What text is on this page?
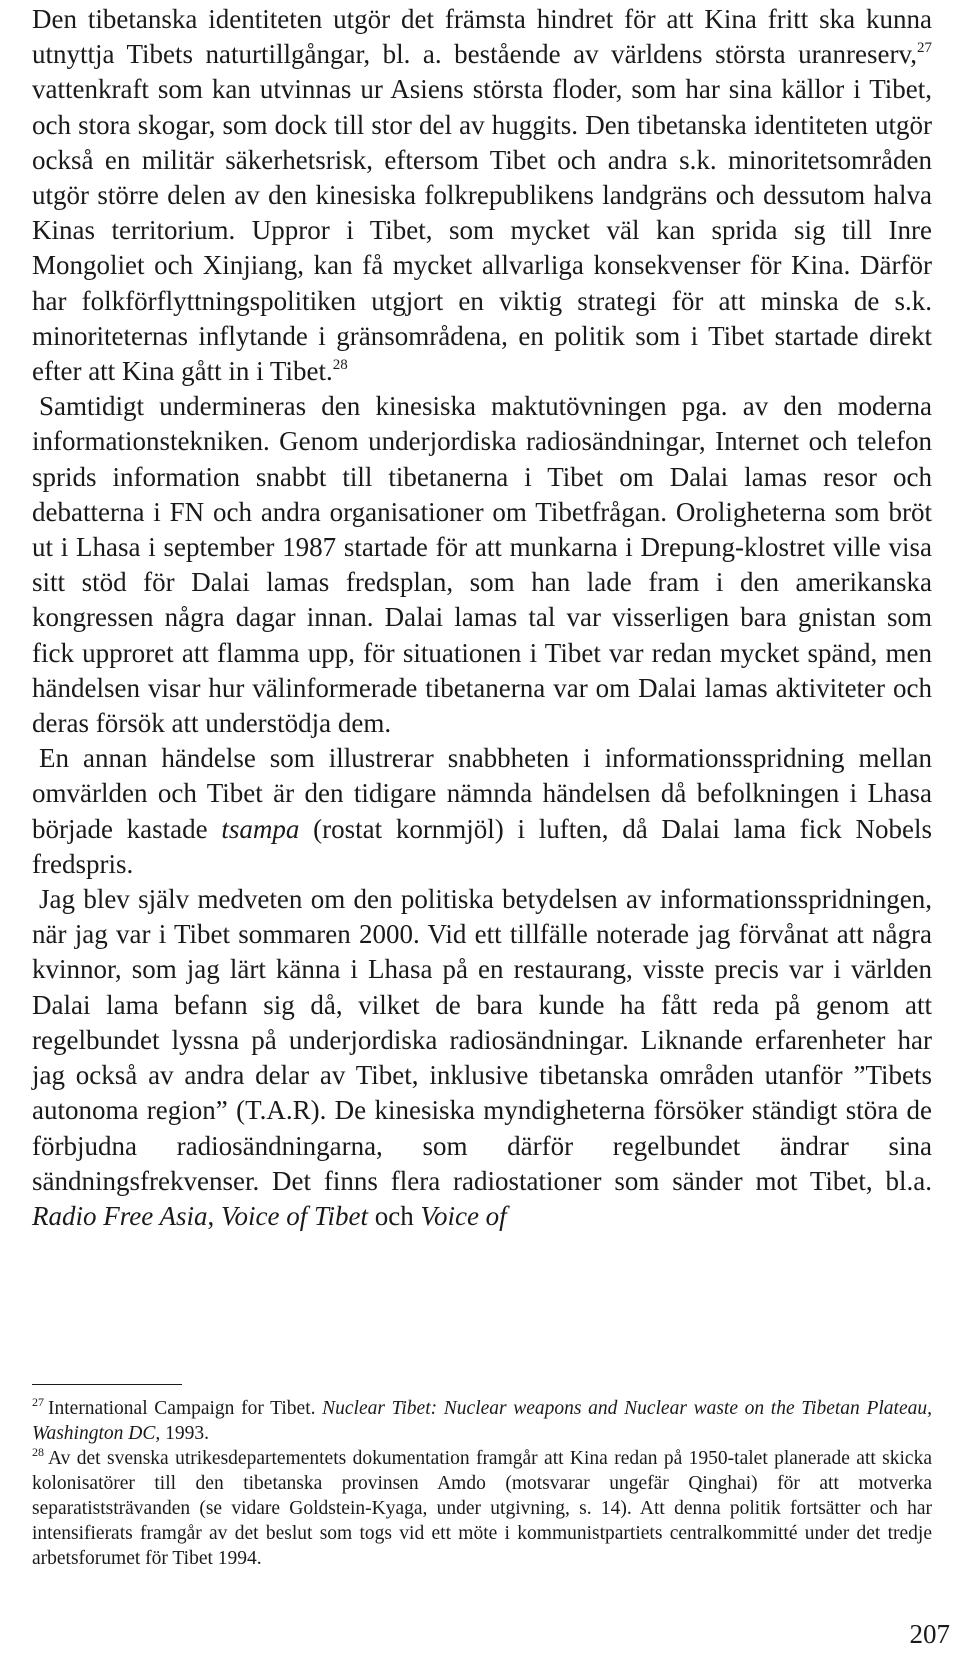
Den tibetanska identiteten utgör det främsta hindret för att Kina fritt ska kunna utnyttja Tibets naturtillgångar, bl. a. bestående av världens största uranreserv,$^{27}$ vattenkraft som kan utvinnas ur Asiens största floder, som har sina källor i Tibet, och stora skogar, som dock till stor del av huggits. Den tibetanska identiteten utgör också en militär säkerhetsrisk, eftersom Tibet och andra s.k. minoritetsområden utgör större delen av den kinesiska folkrepublikens landgräns och dessutom halva Kinas territorium. Uppror i Tibet, som mycket väl kan sprida sig till Inre Mongoliet och Xinjiang, kan få mycket allvarliga konsekvenser för Kina. Därför har folkförflyttningspolitiken utgjort en viktig strategi för att minska de s.k. minoriteternas inflytande i gränsområdena, en politik som i Tibet startade direkt efter att Kina gått in i Tibet.$^{28}$

Samtidigt undermineras den kinesiska maktutövningen pga. av den moderna informationstekniken. Genom underjordiska radiosändningar, Internet och telefon sprids information snabbt till tibetanerna i Tibet om Dalai lamas resor och debatterna i FN och andra organisationer om Tibetfrågan. Oroligheterna som bröt ut i Lhasa i september 1987 startade för att munkarna i Drepung-klostret ville visa sitt stöd för Dalai lamas fredsplan, som han lade fram i den amerikanska kongressen några dagar innan. Dalai lamas tal var visserligen bara gnistan som fick upproret att flamma upp, för situationen i Tibet var redan mycket spänd, men händelsen visar hur välinformerade tibetanerna var om Dalai lamas aktiviteter och deras försök att understödja dem.

En annan händelse som illustrerar snabbheten i informationsspridning mellan omvärlden och Tibet är den tidigare nämnda händelsen då befolkningen i Lhasa började kastade tsampa (rostat kornmjöl) i luften, då Dalai lama fick Nobels fredspris.

Jag blev själv medveten om den politiska betydelsen av informationsspridningen, när jag var i Tibet sommaren 2000. Vid ett tillfälle noterade jag förvånat att några kvinnor, som jag lärt känna i Lhasa på en restaurang, visste precis var i världen Dalai lama befann sig då, vilket de bara kunde ha fått reda på genom att regelbundet lyssna på underjordiska radiosändningar. Liknande erfarenheter har jag också av andra delar av Tibet, inklusive tibetanska områden utanför ”Tibets autonoma region” (T.A.R). De kinesiska myndigheterna försöker ständigt störa de förbjudna radiosändningarna, som därför regelbundet ändrar sina sändningsfrekvenser. Det finns flera radiostationer som sänder mot Tibet, bl.a. Radio Free Asia, Voice of Tibet och Voice of

$^{27}$ International Campaign for Tibet. Nuclear Tibet: Nuclear weapons and Nuclear waste on the Tibetan Plateau, Washington DC, 1993.

$^{28}$ Av det svenska utrikesdepartementets dokumentation framgår att Kina redan på 1950-talet planerade att skicka kolonisatörer till den tibetanska provinsen Amdo (motsvarar ungefär Qinghai) för att motverka separatiststrävanden (se vidare Goldstein-Kyaga, under utgivning, s. 14). Att denna politik fortsätter och har intensifierats framgår av det beslut som togs vid ett möte i kommunistpartiets centralkommitté under det tredje arbetsforumet för Tibet 1994.

207
